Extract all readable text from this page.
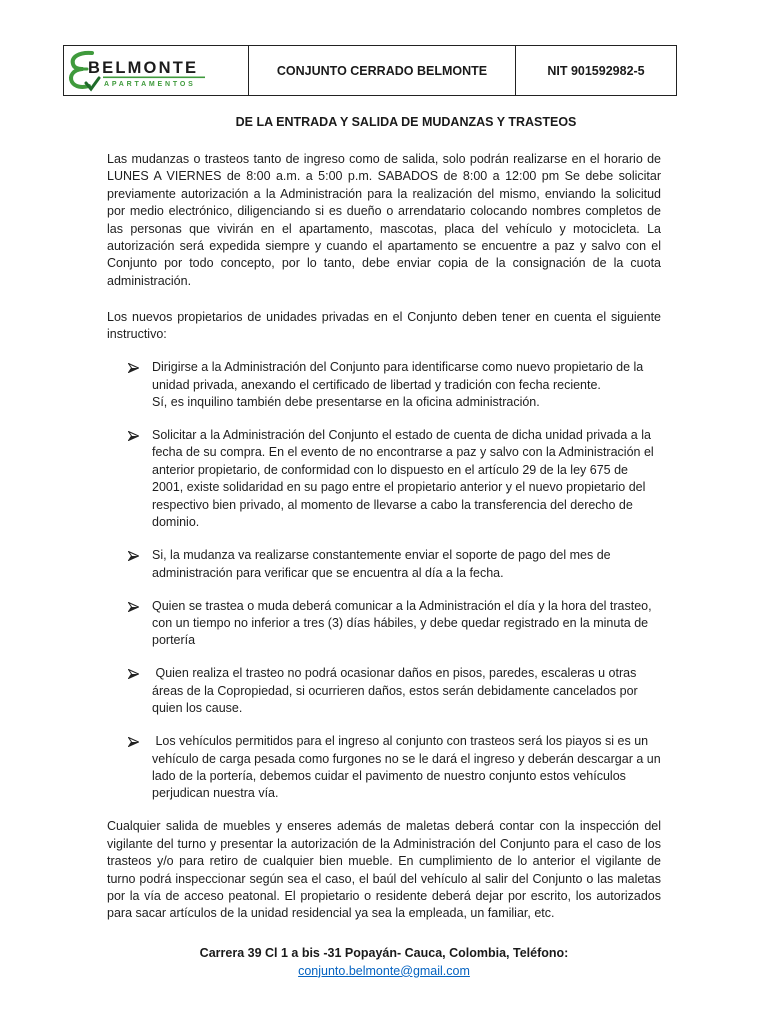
BELMONTE
APARTAMENTOS
CONJUNTO CERRADO BELMONTE	NIT 901592982-5
DE LA ENTRADA Y SALIDA DE MUDANZAS Y TRASTEOS

Las mudanzas o trasteos tanto de ingreso como de salida, solo podrán realizarse en el horario de LUNES A VIERNES de 8:00 a.m. a 5:00 p.m. SABADOS de 8:00 a 12:00 pm Se debe solicitar previamente autorización a la Administración para la realización del mismo, enviando la solicitud por medio electrónico, diligenciando si es dueño o arrendatario colocando nombres completos de las personas que vivirán en el apartamento, mascotas, placa del vehículo y motocicleta. La autorización será expedida siempre y cuando el apartamento se encuentre a paz y salvo con el Conjunto por todo concepto, por lo tanto, debe enviar copia de la consignación de la cuota administración.

Los nuevos propietarios de unidades privadas en el Conjunto deben tener en cuenta el siguiente instructivo:

Dirigirse a la Administración del Conjunto para identificarse como nuevo propietario de la unidad privada, anexando el certificado de libertad y tradición con fecha reciente.
Sí, es inquilino también debe presentarse en la oficina administración.
Solicitar a la Administración del Conjunto el estado de cuenta de dicha unidad privada a la fecha de su compra. En el evento de no encontrarse a paz y salvo con la Administración el anterior propietario, de conformidad con lo dispuesto en el artículo 29 de la ley 675 de 2001, existe solidaridad en su pago entre el propietario anterior y el nuevo propietario del respectivo bien privado, al momento de llevarse a cabo la transferencia del derecho de dominio.
Si, la mudanza va realizarse constantemente enviar el soporte de pago del mes de administración para verificar que se encuentra al día a la fecha.
Quien se trastea o muda deberá comunicar a la Administración el día y la hora del trasteo, con un tiempo no inferior a tres (3) días hábiles, y debe quedar registrado en la minuta de portería
Quien realiza el trasteo no podrá ocasionar daños en pisos, paredes, escaleras u otras áreas de la Copropiedad, si ocurrieren daños, estos serán debidamente cancelados por quien los cause.
Los vehículos permitidos para el ingreso al conjunto con trasteos será los piayos si es un vehículo de carga pesada como furgones no se le dará el ingreso y deberán descargar a un lado de la portería, debemos cuidar el pavimento de nuestro conjunto estos vehículos perjudican nuestra vía.

Cualquier salida de muebles y enseres además de maletas deberá contar con la inspección del vigilante del turno y presentar la autorización de la Administración del Conjunto para el caso de los trasteos y/o para retiro de cualquier bien mueble. En cumplimiento de lo anterior el vigilante de turno podrá inspeccionar según sea el caso, el baúl del vehículo al salir del Conjunto o las maletas por la vía de acceso peatonal. El propietario o residente deberá dejar por escrito, los autorizados para sacar artículos de la unidad residencial ya sea la empleada, un familiar, etc.

Carrera 39 Cl 1 a bis -31 Popayán- Cauca, Colombia, Teléfono:
conjunto.belmonte@gmail.com
